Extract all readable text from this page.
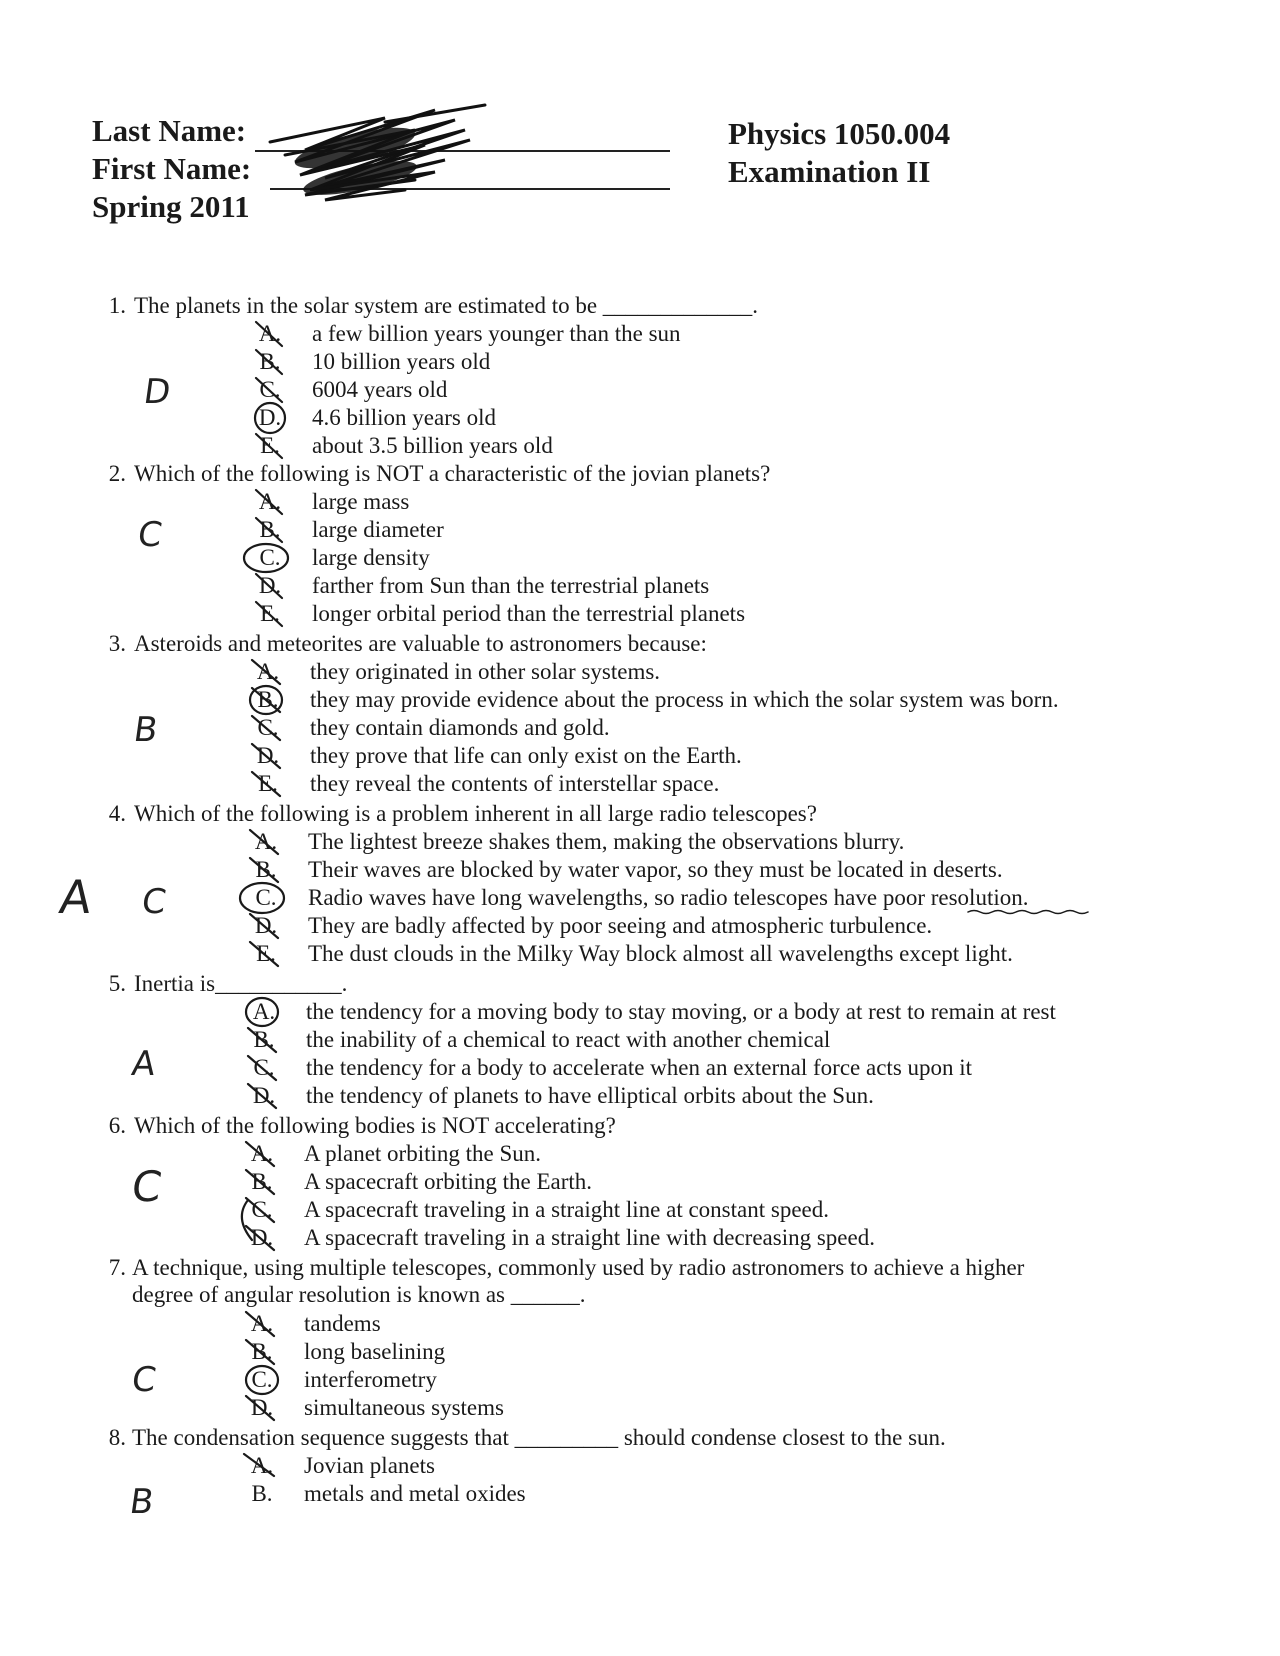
Last Name:
First Name:
Spring 2011
Physics 1050.004
Examination II
1. The planets in the solar system are estimated to be _____________.
A. a few billion years younger than the sun
B. 10 billion years old
C. 6004 years old
D. 4.6 billion years old
E. about 3.5 billion years old
D
2. Which of the following is NOT a characteristic of the jovian planets?
A. large mass
B. large diameter
C. large density
D. farther from Sun than the terrestrial planets
E. longer orbital period than the terrestrial planets
C
3. Asteroids and meteorites are valuable to astronomers because:
A. they originated in other solar systems.
B. they may provide evidence about the process in which the solar system was born.
C. they contain diamonds and gold.
D. they prove that life can only exist on the Earth.
E. they reveal the contents of interstellar space.
B
4. Which of the following is a problem inherent in all large radio telescopes?
A. The lightest breeze shakes them, making the observations blurry.
B. Their waves are blocked by water vapor, so they must be located in deserts.
C. Radio waves have long wavelengths, so radio telescopes have poor resolution.
D. They are badly affected by poor seeing and atmospheric turbulence.
E. The dust clouds in the Milky Way block almost all wavelengths except light.
A C
5. Inertia is___________.
A. the tendency for a moving body to stay moving, or a body at rest to remain at rest
B. the inability of a chemical to react with another chemical
C. the tendency for a body to accelerate when an external force acts upon it
D. the tendency of planets to have elliptical orbits about the Sun.
A
6. Which of the following bodies is NOT accelerating?
A. A planet orbiting the Sun.
B. A spacecraft orbiting the Earth.
C. A spacecraft traveling in a straight line at constant speed.
D. A spacecraft traveling in a straight line with decreasing speed.
C
7. A technique, using multiple telescopes, commonly used by radio astronomers to achieve a higher
degree of angular resolution is known as ______.
A. tandems
B. long baselining
C. interferometry
D. simultaneous systems
C
8. The condensation sequence suggests that _________ should condense closest to the sun.
A. Jovian planets
B. metals and metal oxides
B
